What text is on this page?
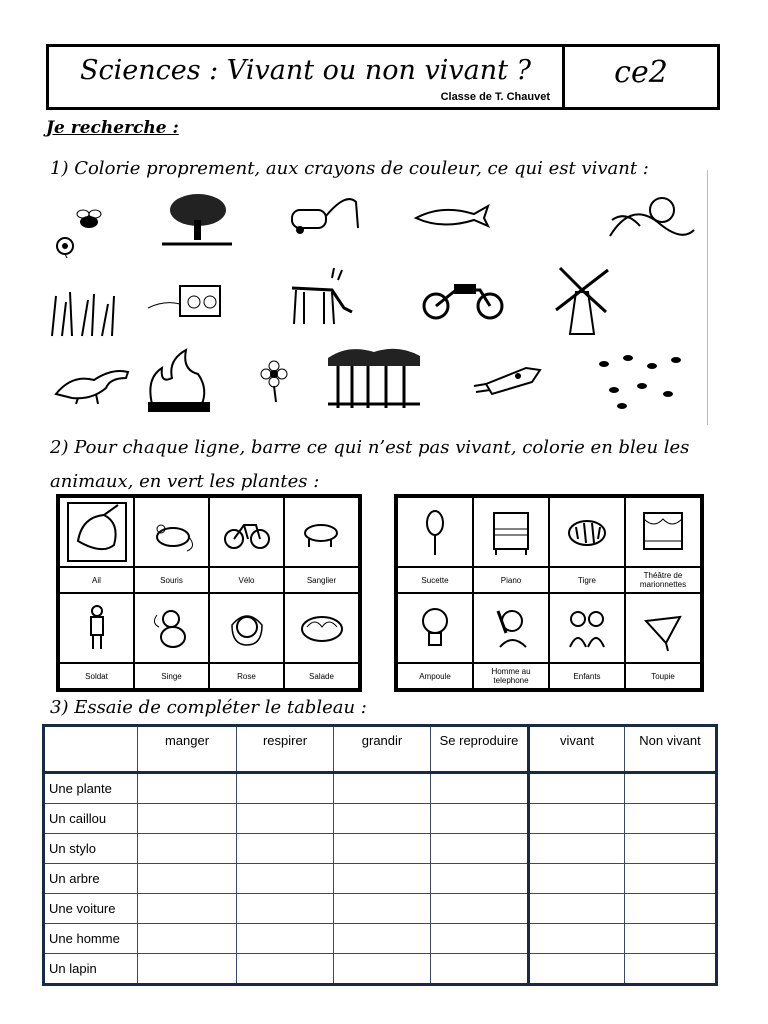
Sciences : Vivant ou non vivant ?
Classe de T. Chauvet
ce2
Je recherche :
1) Colorie proprement, aux crayons de couleur, ce qui est vivant :
2) Pour chaque ligne, barre ce qui n’est pas vivant, colorie en bleu les animaux, en vert les plantes :
Ail	Souris	Vélo	Sanglier
Soldat	Singe	Rose	Salade
Sucette	Piano	Tigre	Théâtre de marionnettes
Ampoule	Homme au telephone	Enfants	Toupie
3) Essaie de compléter le tableau :
	manger	respirer	grandir	Se reproduire	vivant	Non vivant
Une plante						
Un caillou						
Un stylo						
Un arbre						
Une voiture						
Une homme						
Un lapin						
